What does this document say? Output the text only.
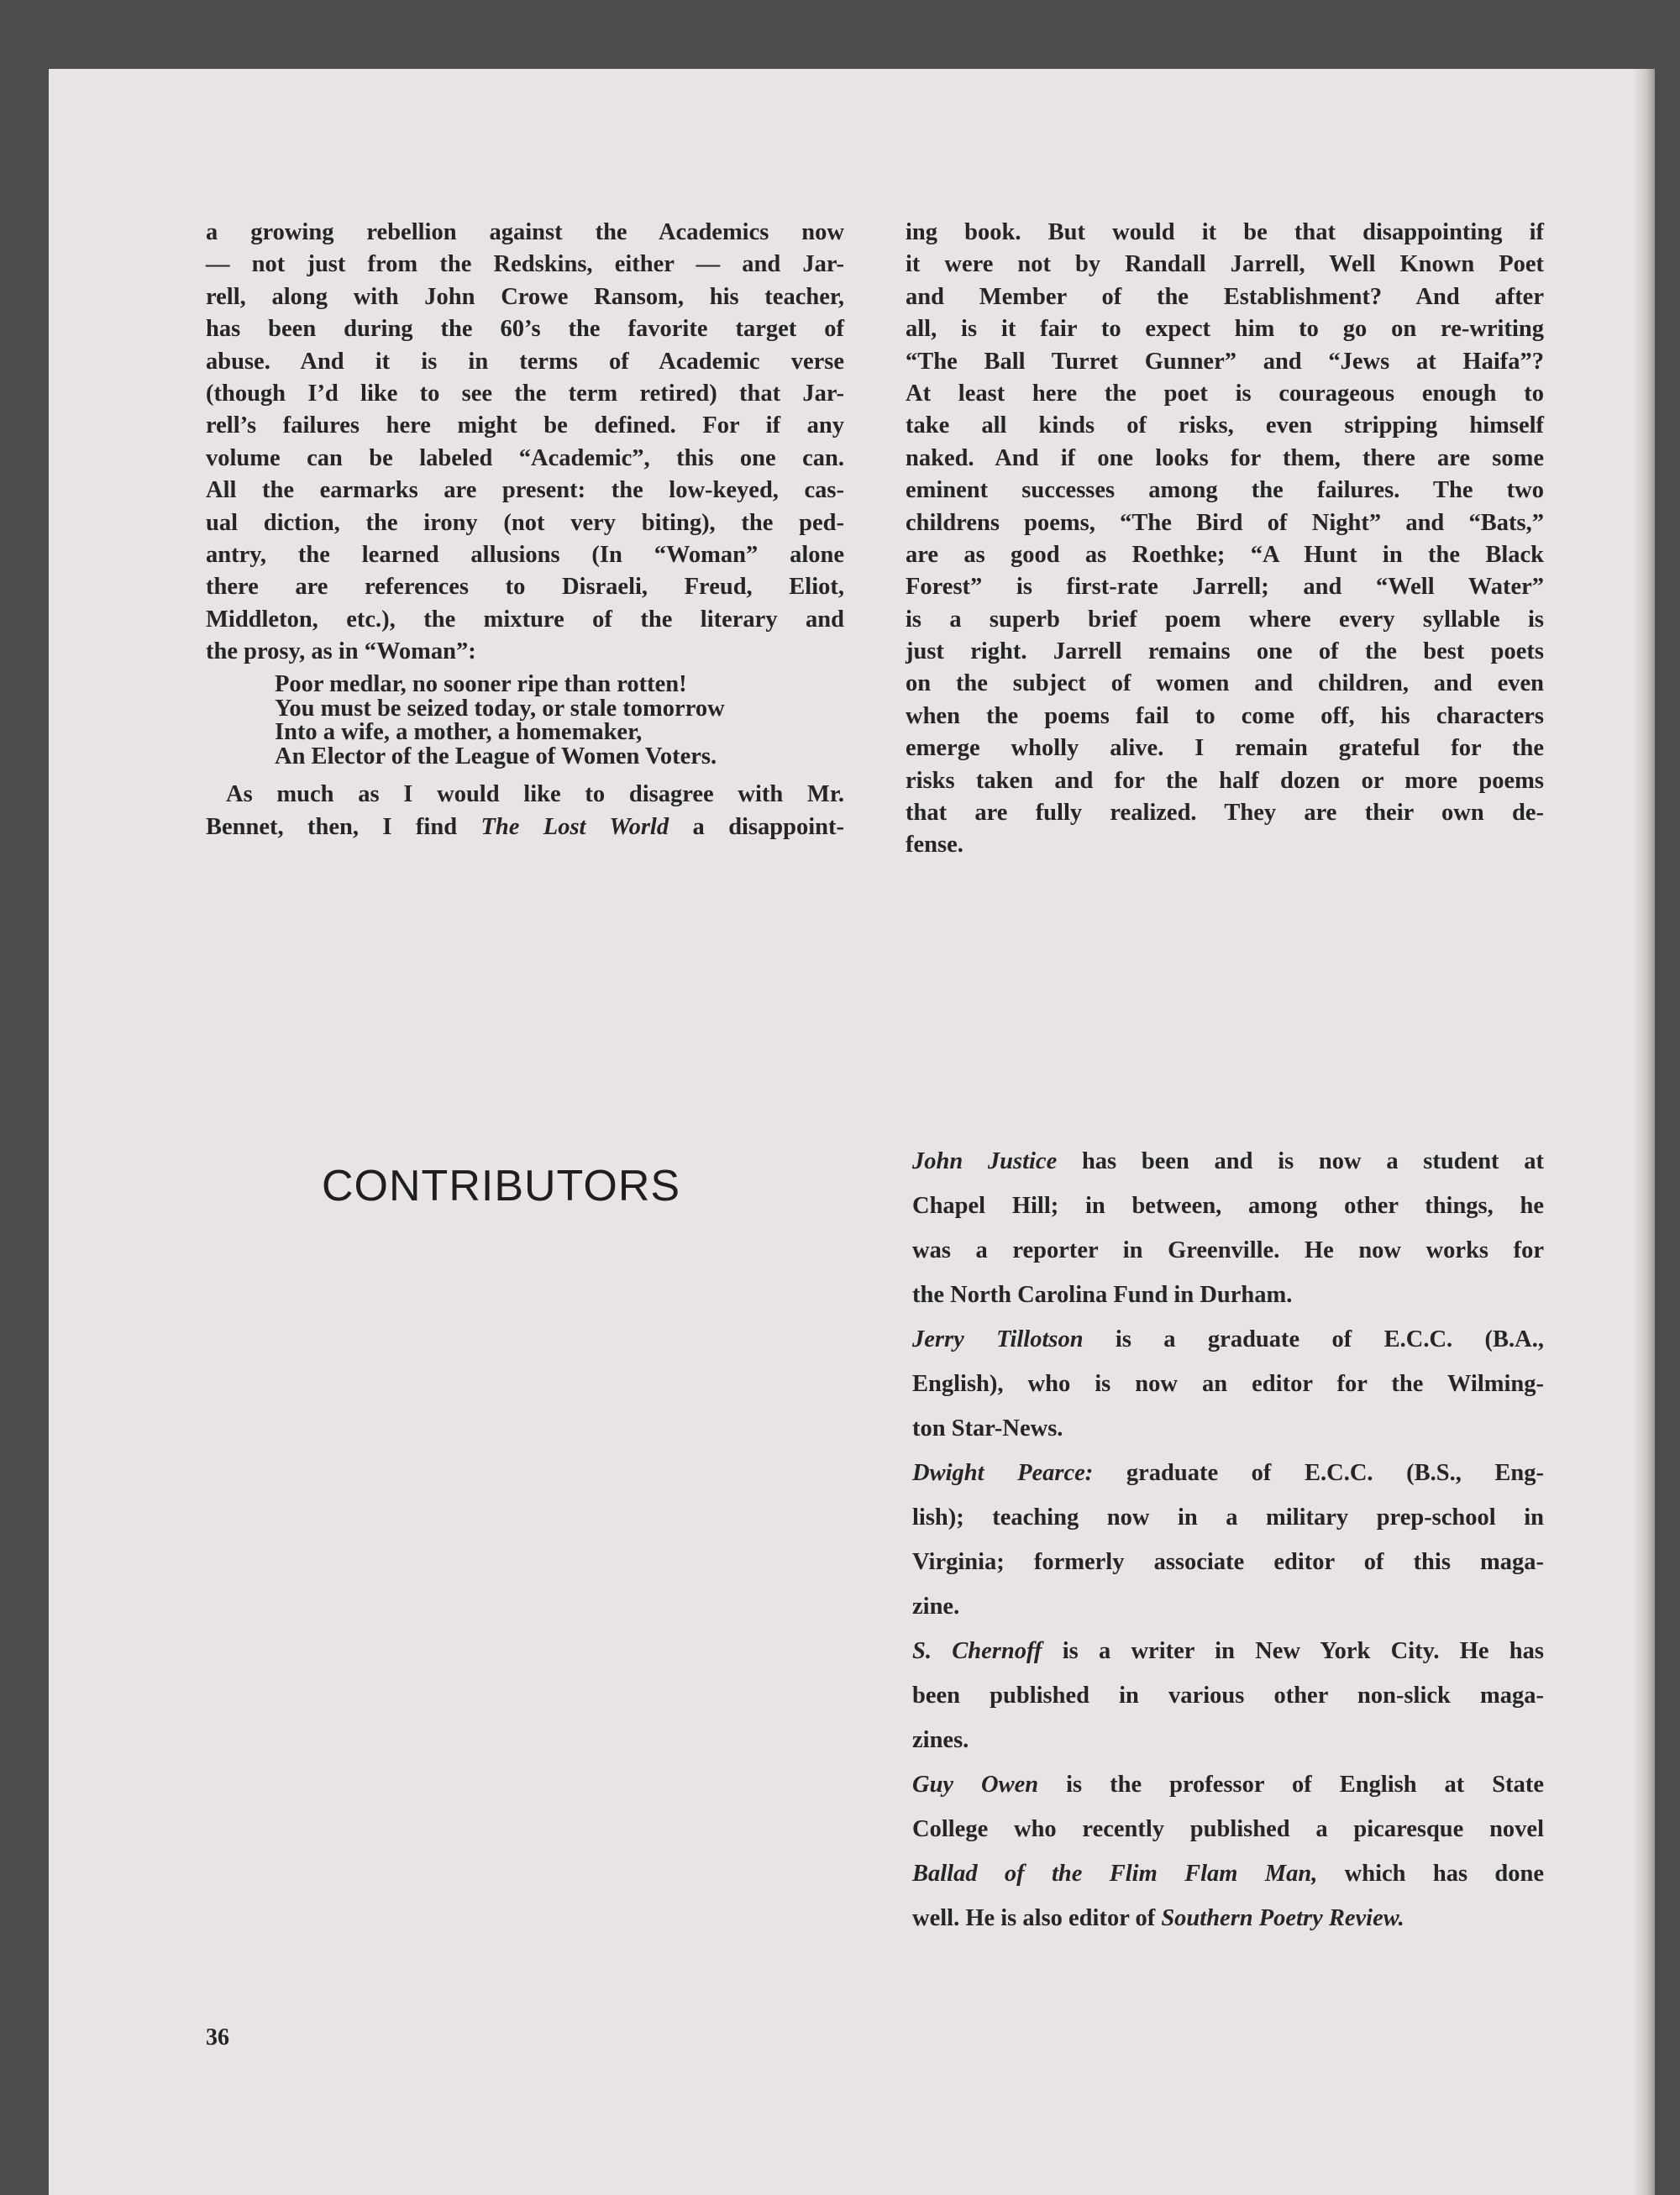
a growing rebellion against the Academics now
— not just from the Redskins, either — and Jar-
rell, along with John Crowe Ransom, his teacher,
has been during the 60’s the favorite target of
abuse. And it is in terms of Academic verse
(though I’d like to see the term retired) that Jar-
rell’s failures here might be defined. For if any
volume can be labeled “Academic”, this one can.
All the earmarks are present: the low-keyed, cas-
ual diction, the irony (not very biting), the ped-
antry, the learned allusions (In “Woman” alone
there are references to Disraeli, Freud, Eliot,
Middleton, etc.), the mixture of the literary and
the prosy, as in “Woman”:
Poor medlar, no sooner ripe than rotten!
You must be seized today, or stale tomorrow
Into a wife, a mother, a homemaker,
An Elector of the League of Women Voters.
As much as I would like to disagree with Mr.
Bennet, then, I find The Lost World a disappoint-
ing book. But would it be that disappointing if
it were not by Randall Jarrell, Well Known Poet
and Member of the Establishment? And after
all, is it fair to expect him to go on re-writing
“The Ball Turret Gunner” and “Jews at Haifa”?
At least here the poet is courageous enough to
take all kinds of risks, even stripping himself
naked. And if one looks for them, there are some
eminent successes among the failures. The two
childrens poems, “The Bird of Night” and “Bats,”
are as good as Roethke; “A Hunt in the Black
Forest” is first-rate Jarrell; and “Well Water”
is a superb brief poem where every syllable is
just right. Jarrell remains one of the best poets
on the subject of women and children, and even
when the poems fail to come off, his characters
emerge wholly alive. I remain grateful for the
risks taken and for the half dozen or more poems
that are fully realized. They are their own de-
fense.
CONTRIBUTORS
John Justice has been and is now a student at
Chapel Hill; in between, among other things, he
was a reporter in Greenville. He now works for
the North Carolina Fund in Durham.
Jerry Tillotson is a graduate of E.C.C. (B.A.,
English), who is now an editor for the Wilming-
ton Star-News.
Dwight Pearce: graduate of E.C.C. (B.S., Eng-
lish); teaching now in a military prep-school in
Virginia; formerly associate editor of this maga-
zine.
S. Chernoff is a writer in New York City. He has
been published in various other non-slick maga-
zines.
Guy Owen is the professor of English at State
College who recently published a picaresque novel
Ballad of the Flim Flam Man, which has done
well. He is also editor of Southern Poetry Review.
36
